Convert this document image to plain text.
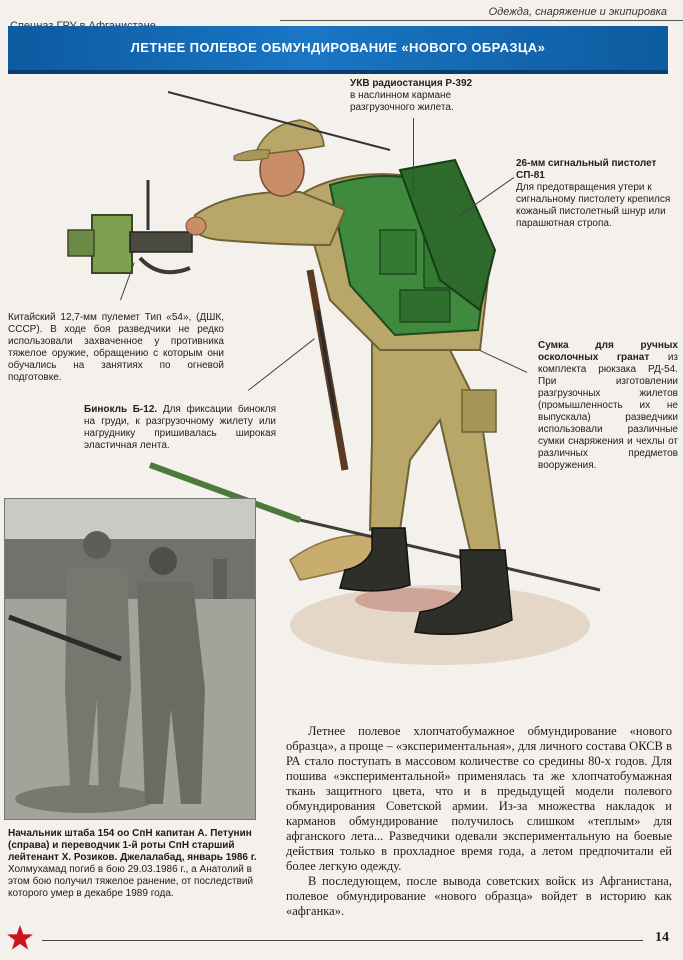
Одежда, снаряжение и экипировка
ЛЕТНЕЕ ПОЛЕВОЕ ОБМУНДИРОВАНИЕ «НОВОГО ОБРАЗЦА»
УКВ радиостанция Р-392
в наслинном кармане разгрузочного жилета.
26-мм сигнальный пистолет СП-81
Для предотвращения утери к сигнальному пистолету крепился кожаный пистолетный шнур или парашютная стропа.
Китайский 12,7-мм пулемет Тип «54», (ДШК, СССР). В ходе боя разведчики не редко использовали захваченное у противника тяжелое оружие, обращению с которым они обучались на занятиях по огневой подготовке.
Сумка для ручных осколочных гранат из комплекта рюкзака РД-54. При изготовлении разгрузочных жилетов (промышленность их не выпускала) разведчики использовали различные сумки снаряжения и чехлы от различных предметов вооружения.
Бинокль Б-12. Для фиксации бинокля на груди, к разгрузочному жилету или нагруднику пришивалась широкая эластичная лента.
Начальник штаба 154 оо СпН капитан А. Петунин (справа) и переводчик 1-й роты СпН старший лейтенант Х. Розиков. Джелалабад, январь 1986 г.
Холмухамад погиб в бою 29.03.1986 г., а Анатолий в этом бою получил тяжелое ранение, от последствий которого умер в декабре 1989 года.

Летнее полевое хлопчатобумажное обмундирование «нового образца», а проще – «экспериментальная», для личного состава ОКСВ в РА стало поступать в массовом количестве со средины 80-х годов. Для пошива «экспериментальной» применялась та же хлопчатобумажная ткань защитного цвета, что и в предыдущей модели полевого обмундирования Советской армии. Из-за множества накладок и карманов обмундирование получилось слишком «теплым» для афганского лета... Разведчики одевали экспериментальную на боевые действия только в прохладное время года, а летом предпочитали ей более легкую одежду.

В последующем, после вывода советских войск из Афганистана, полевое обмундирование «нового образца» войдет в историю как «афганка».

14
